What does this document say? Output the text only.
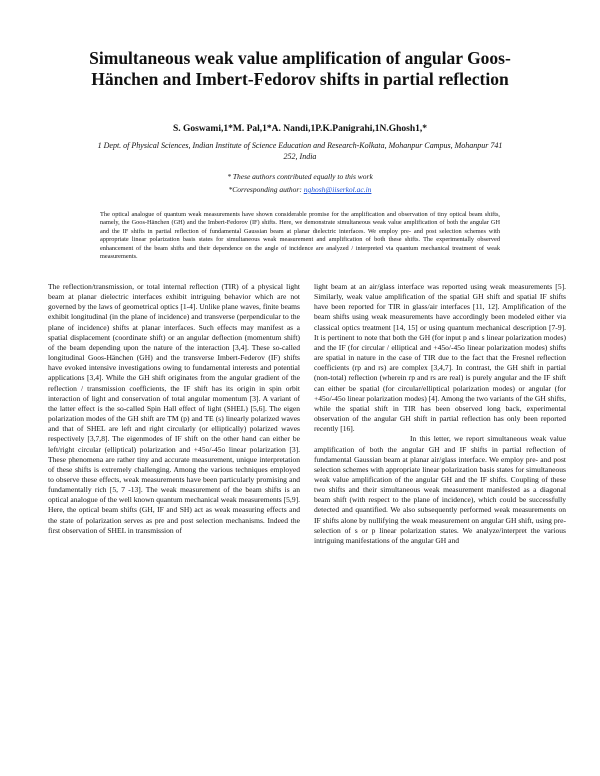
Simultaneous weak value amplification of angular Goos-Hänchen and Imbert-Fedorov shifts in partial reflection
S. Goswami,1*M. Pal,1*A. Nandi,1P.K.Panigrahi,1N.Ghosh1,*
1 Dept. of Physical Sciences, Indian Institute of Science Education and Research-Kolkata, Mohanpur Campus, Mohanpur 741 252, India
* These authors contributed equally to this work
*Corresponding author: nghosh@iiserkol.ac.in
The optical analogue of quantum weak measurements have shown considerable promise for the amplification and observation of tiny optical beam shifts, namely, the Goos-Hänchen (GH) and the Imbert-Fedorov (IF) shifts. Here, we demonstrate simultaneous weak value amplification of both the angular GH and the IF shifts in partial reflection of fundamental Gaussian beam at planar dielectric interfaces. We employ pre- and post selection schemes with appropriate linear polarization basis states for simultaneous weak measurement and amplification of both these shifts. The experimentally observed enhancement of the beam shifts and their dependence on the angle of incidence are analyzed / interpreted via quantum mechanical treatment of weak measurements.

The reflection/transmission, or total internal reflection (TIR) of a physical light beam at planar dielectric interfaces exhibit intriguing behavior which are not governed by the laws of geometrical optics [1-4]. Unlike plane waves, finite beams exhibit longitudinal (in the plane of incidence) and transverse (perpendicular to the plane of incidence) shifts at planar interfaces. Such effects may manifest as a spatial displacement (coordinate shift) or an angular deflection (momentum shift) of the beam depending upon the nature of the interaction [3,4]. These so-called longitudinal Goos-Hänchen (GH) and the transverse Imbert-Federov (IF) shifts have evoked intensive investigations owing to fundamental interests and potential applications [3,4]. While the GH shift originates from the angular gradient of the reflection / transmission coefficients, the IF shift has its origin in spin orbit interaction of light and conservation of total angular momentum [3]. A variant of the latter effect is the so-called Spin Hall effect of light (SHEL) [5,6]. The eigen polarization modes of the GH shift are TM (p) and TE (s) linearly polarized waves and that of SHEL are left and right circularly (or elliptically) polarized waves respectively [3,7,8]. The eigenmodes of IF shift on the other hand can either be left/right circular (elliptical) polarization and +45o/-45o linear polarization [3]. These phenomena are rather tiny and accurate measurement, unique interpretation of these shifts is extremely challenging. Among the various techniques employed to observe these effects, weak measurements have been particularly promising and fundamentally rich [5, 7 -13]. The weak measurement of the beam shifts is an optical analogue of the well known quantum mechanical weak measurements [5,9]. Here, the optical beam shifts (GH, IF and SH) act as weak measuring effects and the state of polarization serves as pre and post selection mechanisms. Indeed the first observation of SHEL in transmission of

light beam at an air/glass interface was reported using weak measurements [5]. Similarly, weak value amplification of the spatial GH shift and spatial IF shifts have been reported for TIR in glass/air interfaces [11, 12]. Amplification of the beam shifts using weak measurements have accordingly been modeled either via classical optics treatment [14, 15] or using quantum mechanical description [7-9]. It is pertinent to note that both the GH (for input p and s linear polarization modes) and the IF (for circular / elliptical and +45o/-45o linear polarization modes) shifts are spatial in nature in the case of TIR due to the fact that the Fresnel reflection coefficients (rp and rs) are complex [3,4,7]. In contrast, the GH shift in partial (non-total) reflection (wherein rp and rs are real) is purely angular and the IF shift can either be spatial (for circular/elliptical polarization modes) or angular (for +45o/-45o linear polarization modes) [4]. Among the two variants of the GH shifts, while the spatial shift in TIR has been observed long back, experimental observation of the angular GH shift in partial reflection has only been reported recently [16].

In this letter, we report simultaneous weak value amplification of both the angular GH and IF shifts in partial reflection of fundamental Gaussian beam at planar air/glass interface. We employ pre- and post selection schemes with appropriate linear polarization basis states for simultaneous weak value amplification of the angular GH and the IF shifts. Coupling of these two shifts and their simultaneous weak measurement manifested as a diagonal beam shift (with respect to the plane of incidence), which could be successfully detected and quantified. We also subsequently performed weak measurements on IF shifts alone by nullifying the weak measurement on angular GH shift, using pre-selection of s or p linear polarization states. We analyze/interpret the various intriguing manifestations of the angular GH and
